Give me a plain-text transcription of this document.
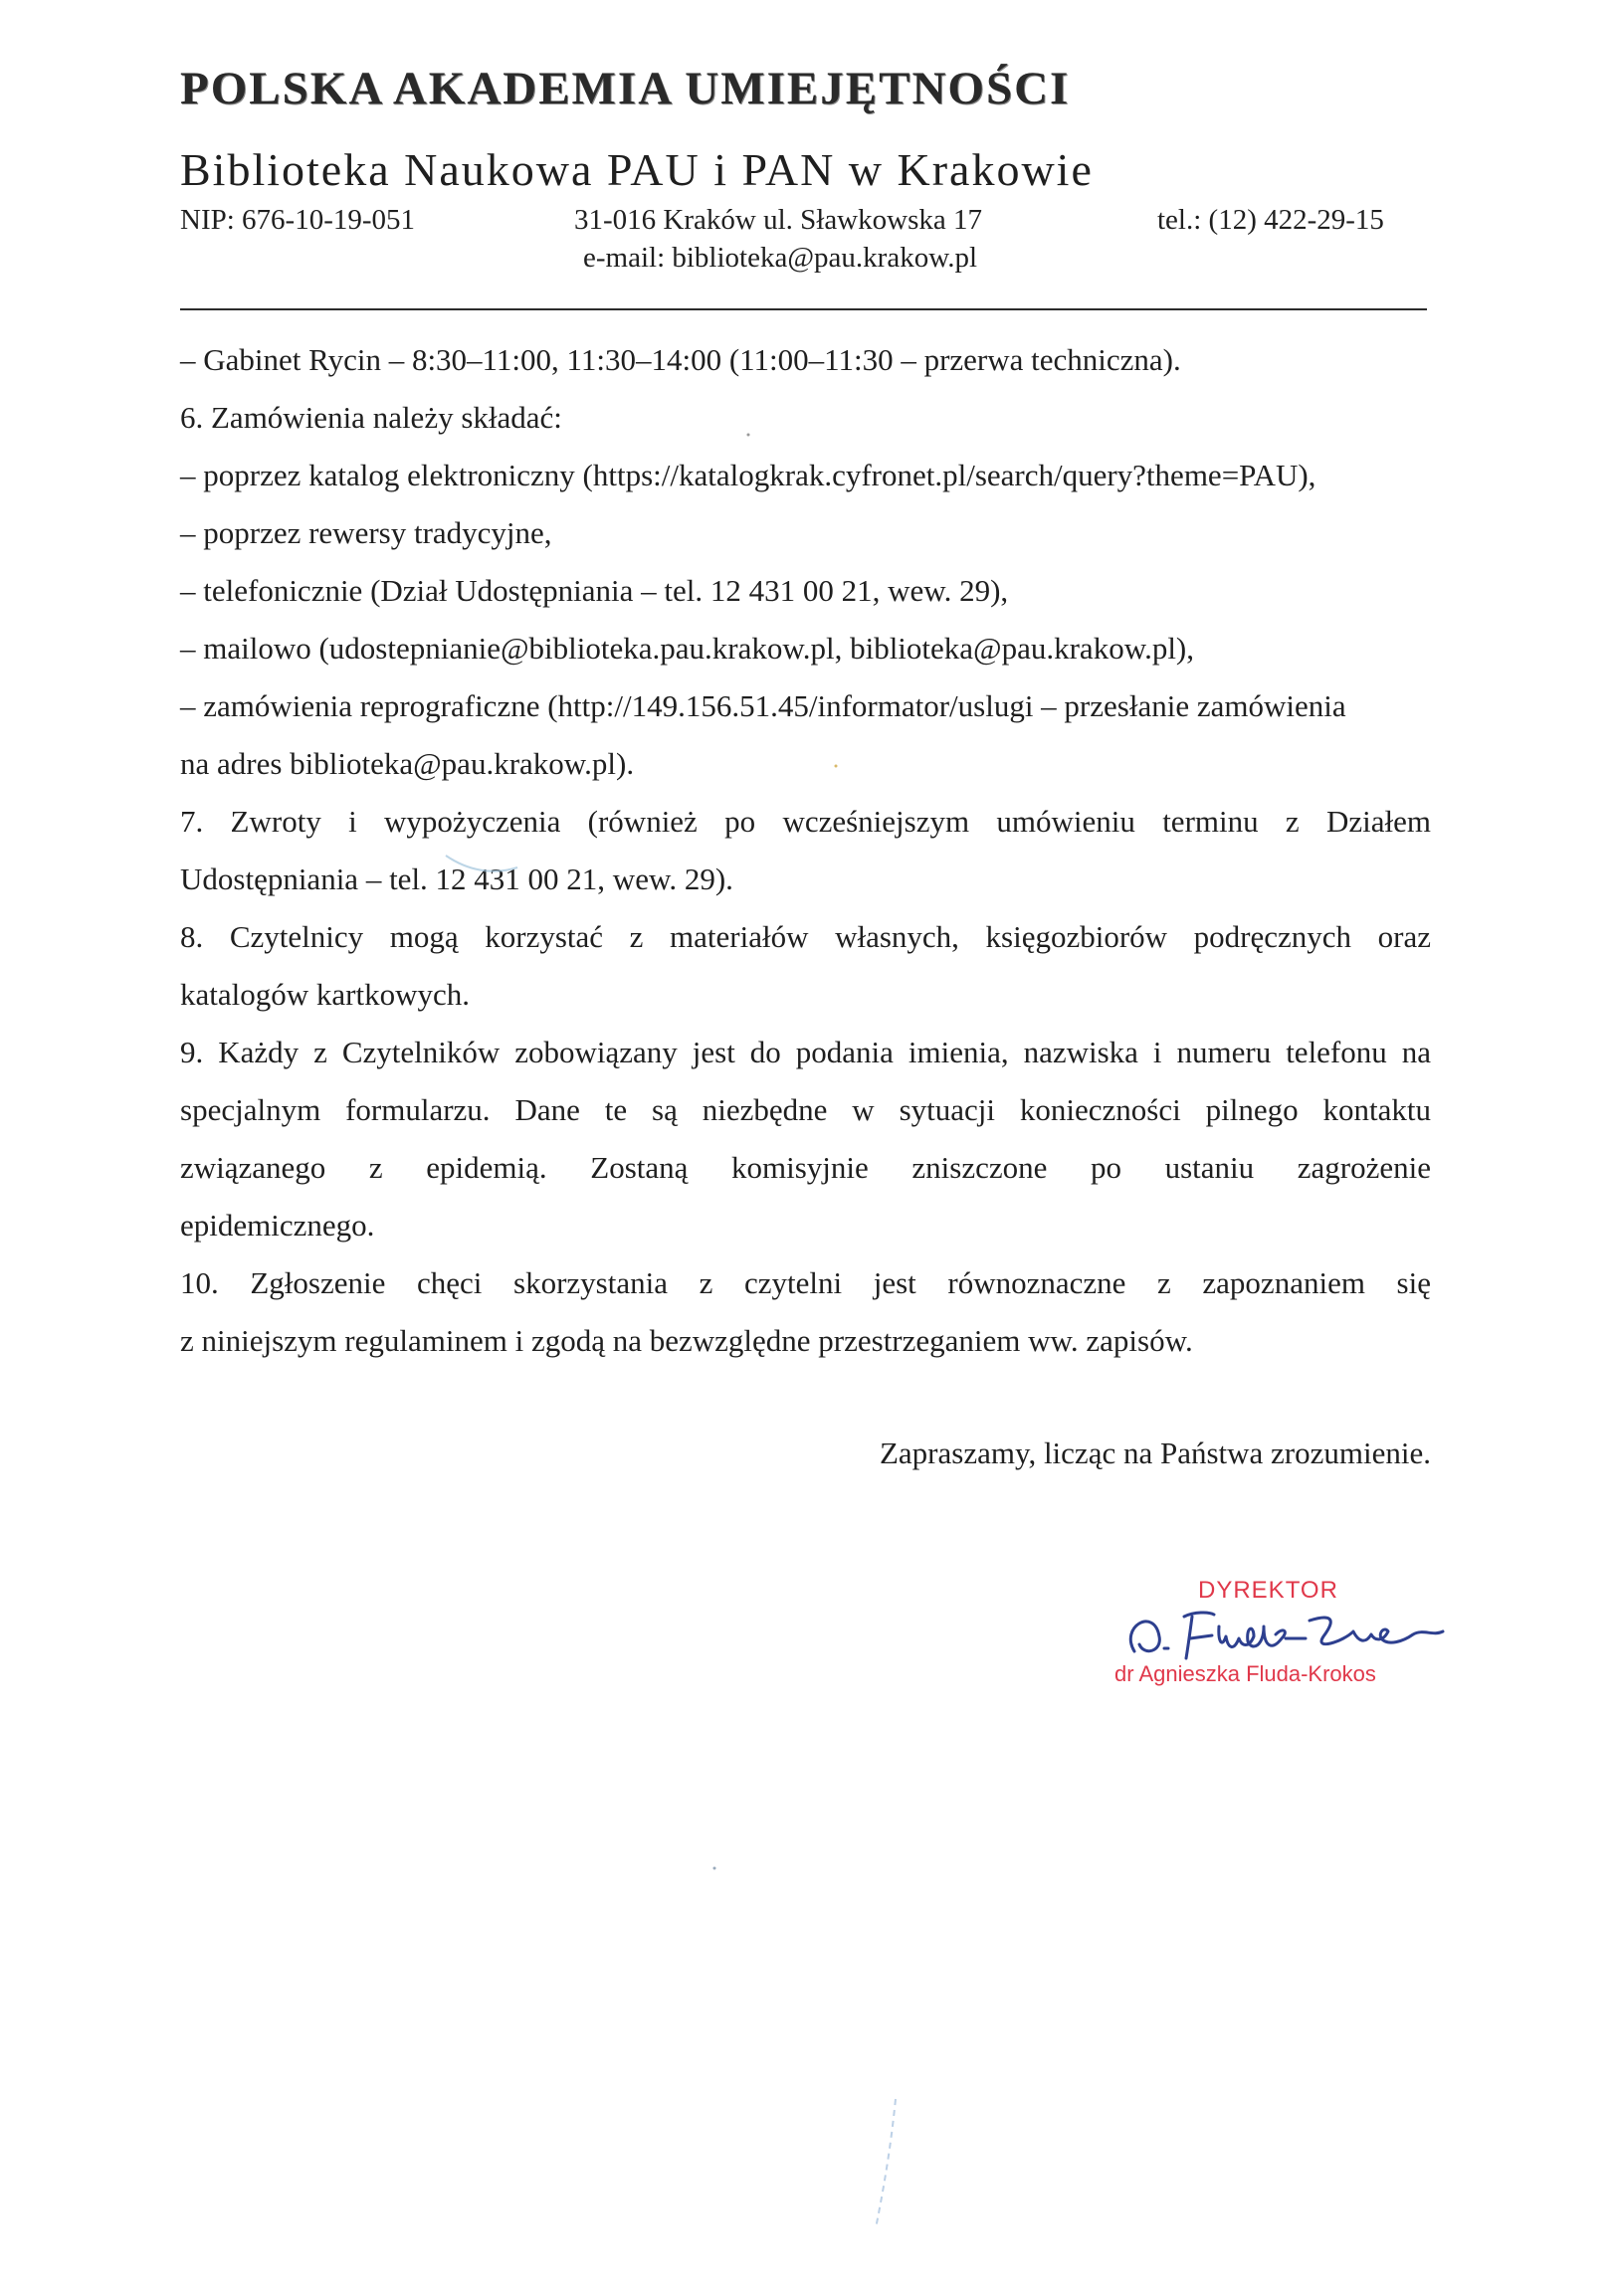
POLSKA AKADEMIA UMIEJĘTNOŚCI
Biblioteka Naukowa PAU i PAN w Krakowie
NIP: 676-10-19-051	31-016 Kraków ul. Sławkowska 17	tel.: (12) 422-29-15
e-mail: biblioteka@pau.krakow.pl
– Gabinet Rycin – 8:30–11:00, 11:30–14:00 (11:00–11:30 – przerwa techniczna).
6. Zamówienia należy składać:
– poprzez katalog elektroniczny (https://katalogkrak.cyfronet.pl/search/query?theme=PAU),
– poprzez rewersy tradycyjne,
– telefonicznie (Dział Udostępniania – tel. 12 431 00 21, wew. 29),
– mailowo (udostepnianie@biblioteka.pau.krakow.pl, biblioteka@pau.krakow.pl),
– zamówienia reprograficzne (http://149.156.51.45/informator/uslugi – przesłanie zamówienia
na adres biblioteka@pau.krakow.pl).
7. Zwroty i wypożyczenia (również po wcześniejszym umówieniu terminu z Działem
Udostępniania – tel. 12 431 00 21, wew. 29).
8. Czytelnicy mogą korzystać z materiałów własnych, księgozbiorów podręcznych oraz
katalogów kartkowych.
9. Każdy z Czytelników zobowiązany jest do podania imienia, nazwiska i numeru telefonu na
specjalnym formularzu. Dane te są niezbędne w sytuacji konieczności pilnego kontaktu
związanego z epidemią. Zostaną komisyjnie zniszczone po ustaniu zagrożenie
epidemicznego.
10. Zgłoszenie chęci skorzystania z czytelni jest równoznaczne z zapoznaniem się
z niniejszym regulaminem i zgodą na bezwzględne przestrzeganiem ww. zapisów.
Zapraszamy, licząc na Państwa zrozumienie.
DYREKTOR
dr Agnieszka Fluda-Krokos
